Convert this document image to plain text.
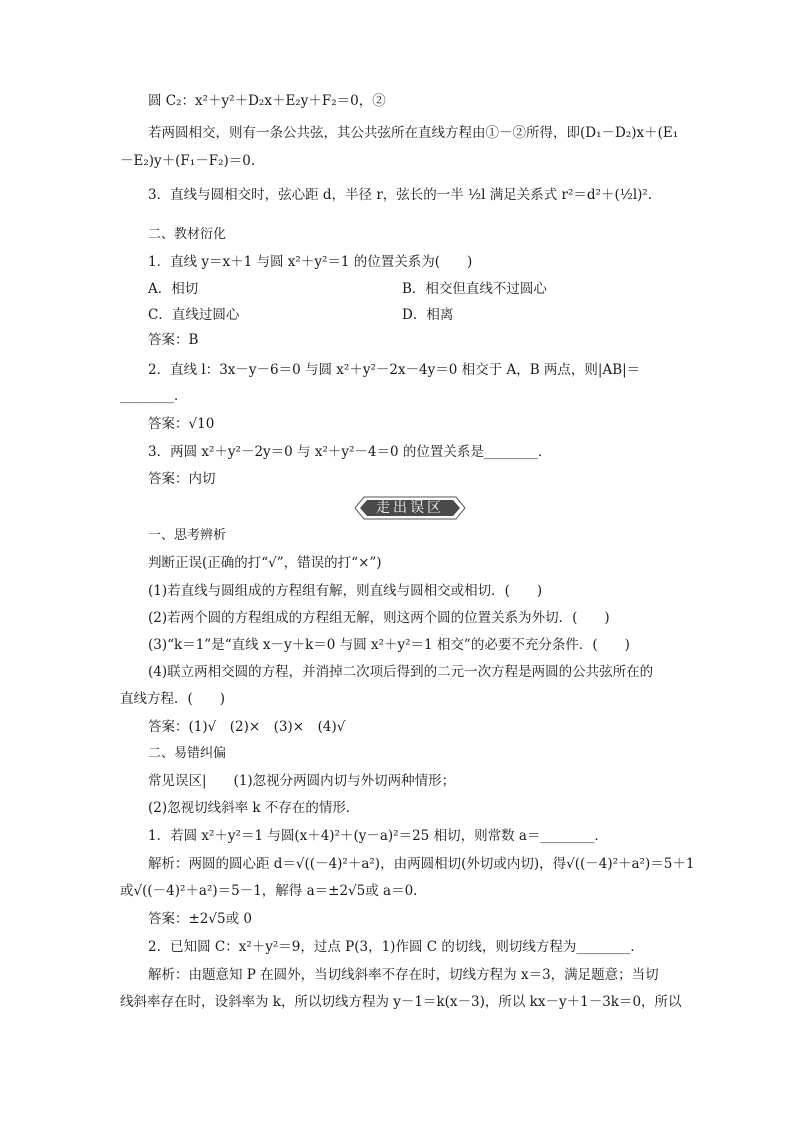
圆 C₂：x²＋y²＋D₂x＋E₂y＋F₂＝0，②
若两圆相交，则有一条公共弦，其公共弦所在直线方程由①－②所得，即(D₁－D₂)x＋(E₁
－E₂)y＋(F₁－F₂)＝0.
3．直线与圆相交时，弦心距 d，半径 r，弦长的一半 ½l 满足关系式 r²＝d²＋(½l)².
二、教材衍化
1．直线 y＝x＋1 与圆 x²＋y²＝1 的位置关系为(　　)
A．相切	B．相交但直线不过圆心
C．直线过圆心	D．相离
答案：B
2．直线 l：3x－y－6＝0 与圆 x²＋y²－2x－4y＝0 相交于 A，B 两点，则|AB|＝
________．
答案：√10
3．两圆 x²＋y²－2y＝0 与 x²＋y²－4＝0 的位置关系是________．
答案：内切
走出误区
一、思考辨析
判断正误(正确的打“√”，错误的打“×”)
(1)若直线与圆组成的方程组有解，则直线与圆相交或相切．(　　)
(2)若两个圆的方程组成的方程组无解，则这两个圆的位置关系为外切．(　　)
(3)“k＝1”是“直线 x－y＋k＝0 与圆 x²＋y²＝1 相交”的必要不充分条件．(　　)
(4)联立两相交圆的方程，并消掉二次项后得到的二元一次方程是两圆的公共弦所在的
直线方程．(　　)
答案：(1)√　(2)×　(3)×　(4)√
二、易错纠偏
常见误区|　　(1)忽视分两圆内切与外切两种情形；
(2)忽视切线斜率 k 不存在的情形．
1．若圆 x²＋y²＝1 与圆(x＋4)²＋(y－a)²＝25 相切，则常数 a＝________．
解析：两圆的圆心距 d＝√((－4)²＋a²)，由两圆相切(外切或内切)，得√((－4)²＋a²)＝5＋1
或√((－4)²＋a²)＝5－1，解得 a＝±2√5或 a＝0.
答案：±2√5或 0
2．已知圆 C：x²＋y²＝9，过点 P(3，1)作圆 C 的切线，则切线方程为________．
解析：由题意知 P 在圆外，当切线斜率不存在时，切线方程为 x＝3，满足题意；当切
线斜率存在时，设斜率为 k，所以切线方程为 y－1＝k(x－3)，所以 kx－y＋1－3k＝0，所以
